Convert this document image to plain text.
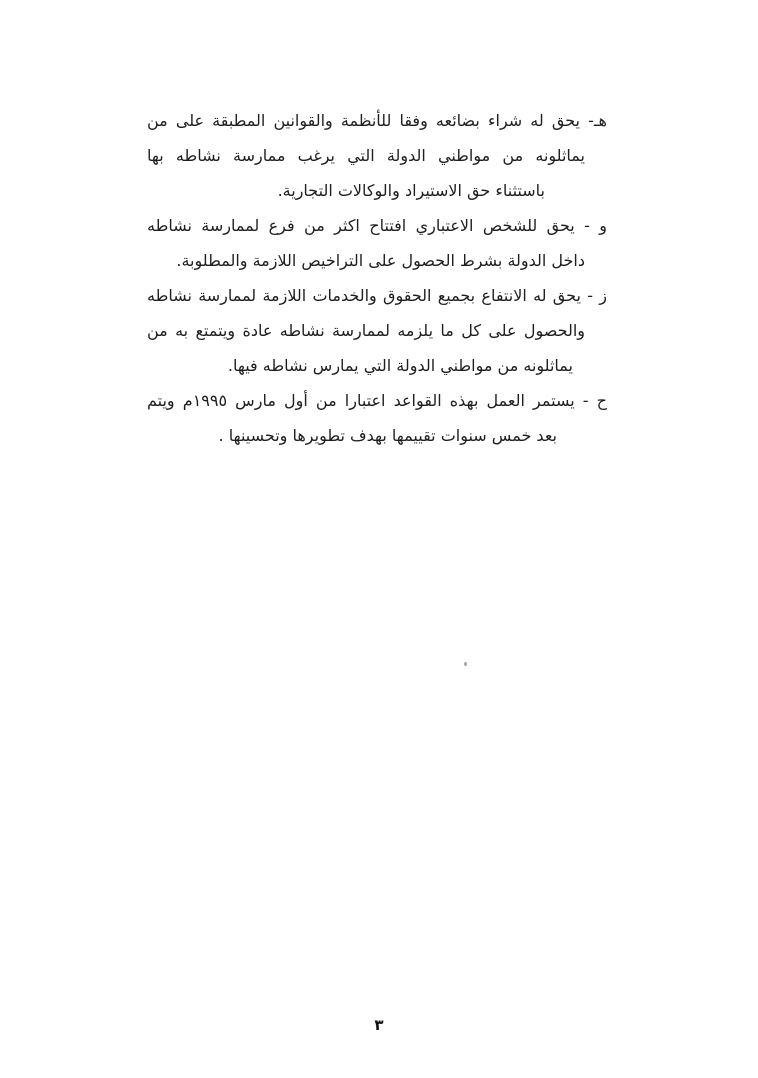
هـ- يحق له شراء بضائعه وفقا للأنظمة والقوانين المطبقة على من
يماثلونه من مواطني الدولة التي يرغب ممارسة نشاطه بها
باستثناء حق الاستيراد والوكالات التجارية.
و - يحق للشخص الاعتباري افتتاح اكثر من فرع لممارسة نشاطه
داخل الدولة بشرط الحصول على التراخيص اللازمة والمطلوبة.
ز - يحق له الانتفاع بجميع الحقوق والخدمات اللازمة لممارسة نشاطه
والحصول على كل ما يلزمه لممارسة نشاطه عادة ويتمتع به من
يماثلونه من مواطني الدولة التي يمارس نشاطه فيها.
ح - يستمر العمل بهذه القواعد اعتبارا من أول مارس ١٩٩٥م ويتم
بعد خمس سنوات تقييمها بهدف تطويرها وتحسينها .
٣
